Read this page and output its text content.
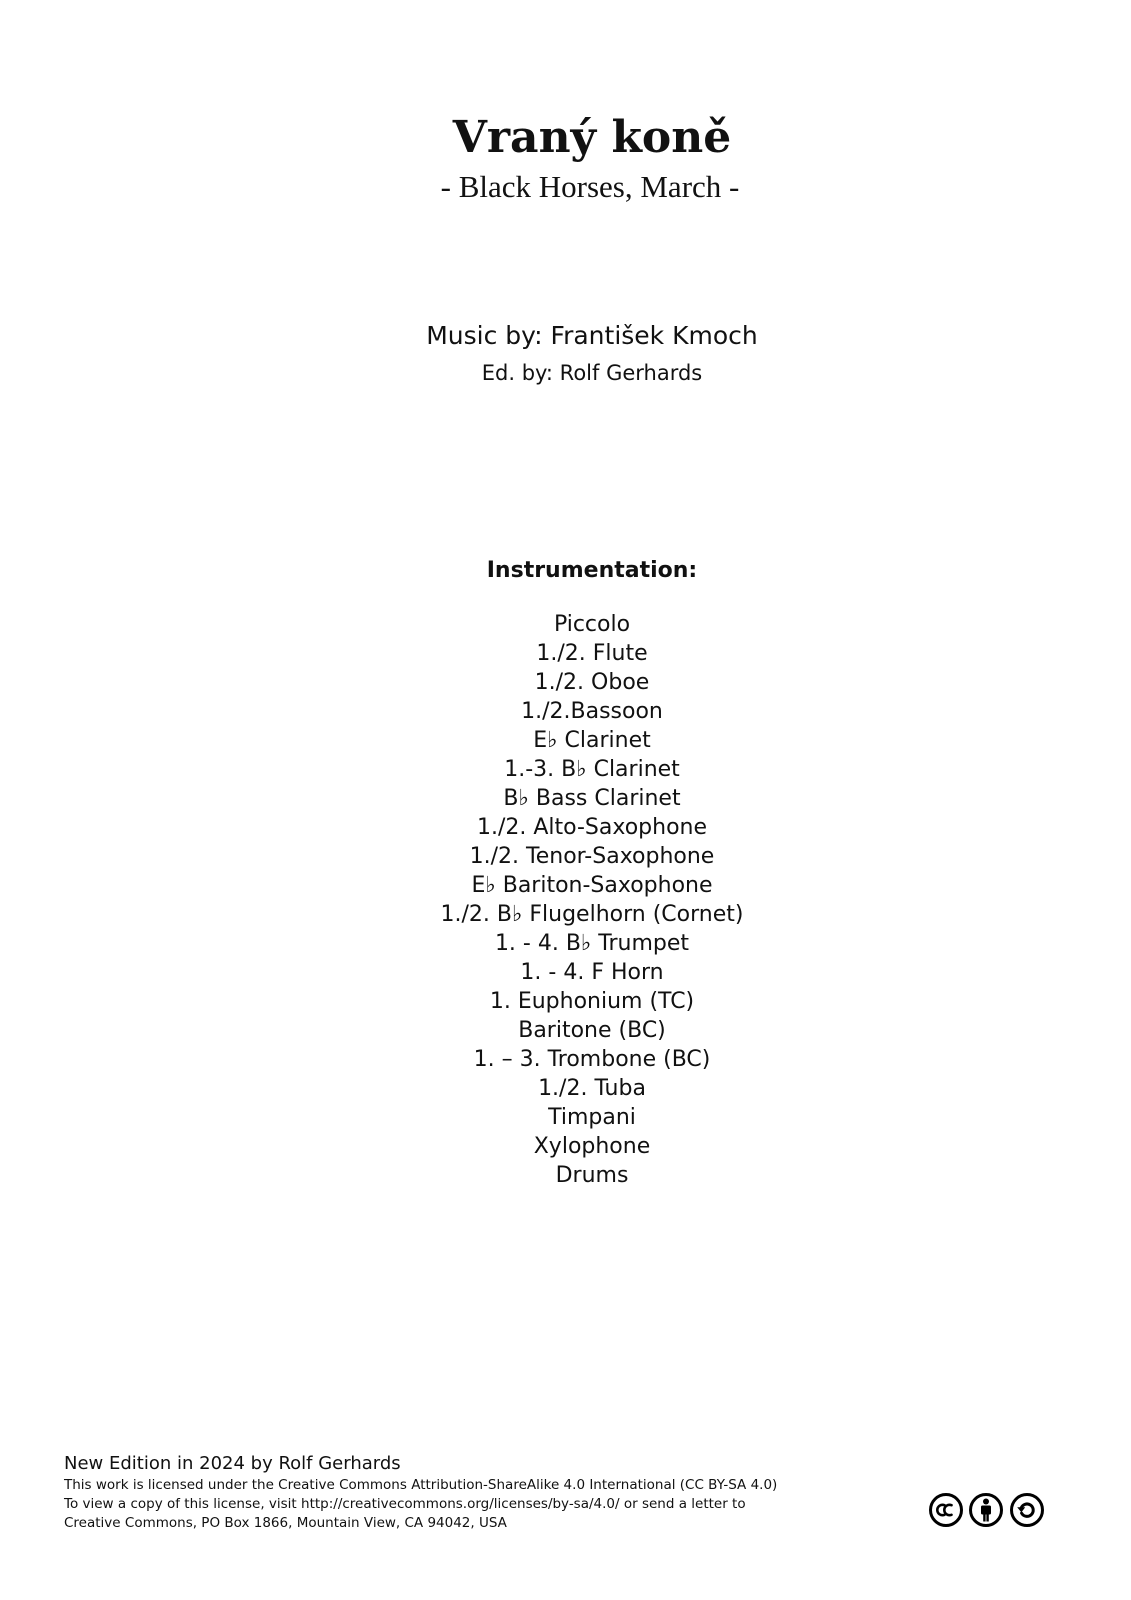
Vraný koně
- Black Horses, March -
Music by: František Kmoch
Ed. by: Rolf Gerhards
Instrumentation:
Piccolo
1./2. Flute
1./2. Oboe
1./2.Bassoon
E♭ Clarinet
1.-3. B♭ Clarinet
B♭ Bass Clarinet
1./2. Alto-Saxophone
1./2. Tenor-Saxophone
E♭ Bariton-Saxophone
1./2. B♭ Flugelhorn (Cornet)
1. - 4. B♭ Trumpet
1. - 4. F Horn
1. Euphonium (TC)
Baritone (BC)
1. – 3. Trombone (BC)
1./2. Tuba
Timpani
Xylophone
Drums
New Edition in 2024 by Rolf Gerhards
This work is licensed under the Creative Commons Attribution-ShareAlike 4.0 International (CC BY-SA 4.0)
To view a copy of this license, visit http://creativecommons.org/licenses/by-sa/4.0/ or send a letter to
Creative Commons, PO Box 1866, Mountain View, CA 94042, USA
